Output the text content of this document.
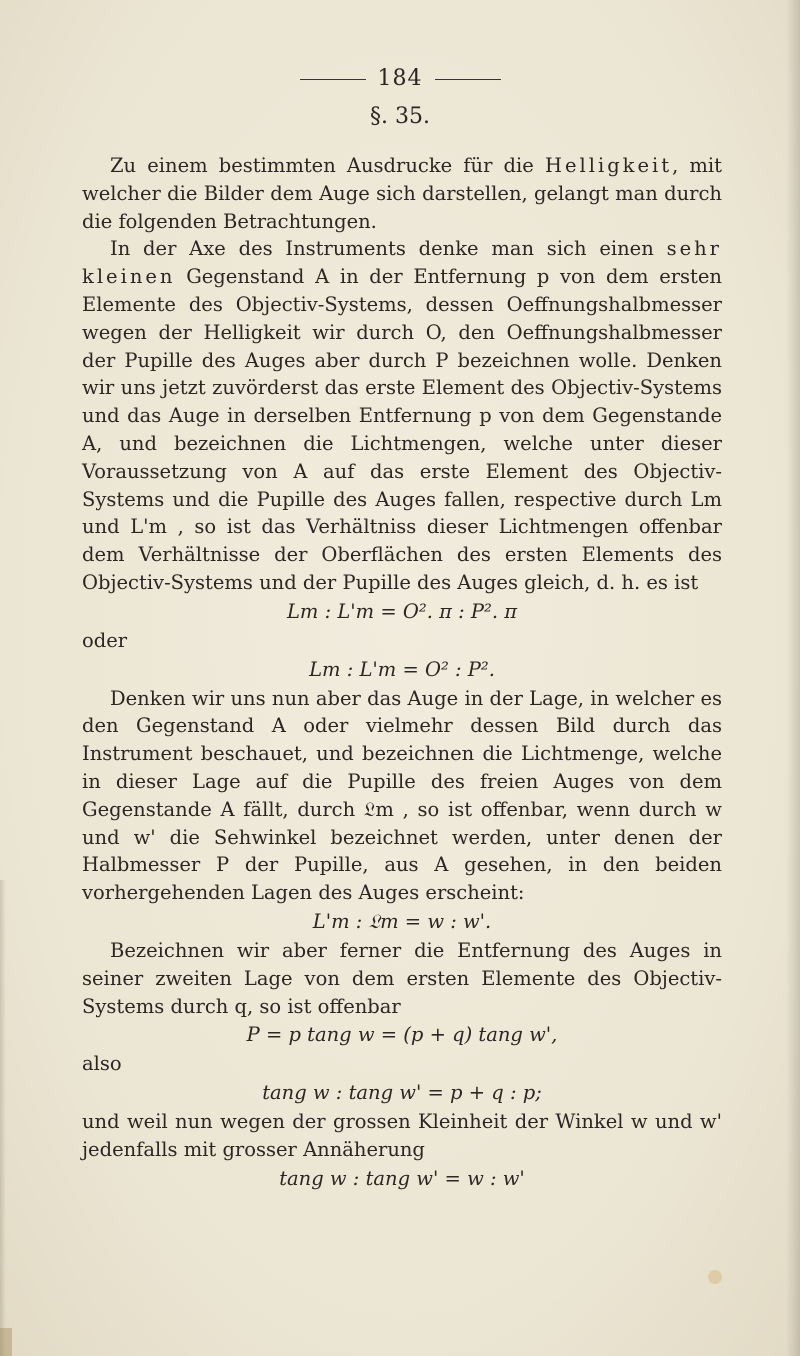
184
§. 35.

Zu einem bestimmten Ausdrucke für die Helligkeit, mit welcher die Bilder dem Auge sich darstellen, gelangt man durch die folgenden Betrachtungen.

In der Axe des Instruments denke man sich einen sehr kleinen Gegenstand A in der Entfernung p von dem ersten Elemente des Objectiv-Systems, dessen Oeffnungshalbmesser wegen der Helligkeit wir durch O, den Oeffnungshalbmesser der Pupille des Auges aber durch P bezeichnen wolle. Denken wir uns jetzt zuvörderst das erste Element des Objectiv-Systems und das Auge in derselben Entfernung p von dem Gegenstande A, und bezeichnen die Lichtmengen, welche unter dieser Voraussetzung von A auf das erste Element des Objectiv-Systems und die Pupille des Auges fallen, respective durch Lm und L'm , so ist das Verhältniss dieser Lichtmengen offenbar dem Verhältnisse der Oberflächen des ersten Elements des Objectiv-Systems und der Pupille des Auges gleich, d. h. es ist

Lm : L'm = O². π : P². π

oder

Lm : L'm = O² : P².

Denken wir uns nun aber das Auge in der Lage, in welcher es den Gegenstand A oder vielmehr dessen Bild durch das Instrument beschauet, und bezeichnen die Lichtmenge, welche in dieser Lage auf die Pupille des freien Auges von dem Gegenstande A fällt, durch 𝔏m , so ist offenbar, wenn durch w und w' die Sehwinkel bezeichnet werden, unter denen der Halbmesser P der Pupille, aus A gesehen, in den beiden vorhergehenden Lagen des Auges erscheint:

L'm : 𝔏m = w : w'.

Bezeichnen wir aber ferner die Entfernung des Auges in seiner zweiten Lage von dem ersten Elemente des Objectiv-Systems durch q, so ist offenbar

P = p tang w = (p + q) tang w',

also

tang w : tang w' = p + q : p;

und weil nun wegen der grossen Kleinheit der Winkel w und w' jedenfalls mit grosser Annäherung

tang w : tang w' = w : w'
